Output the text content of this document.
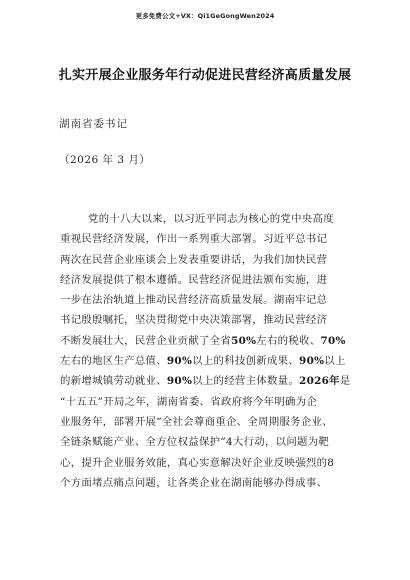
更多免费公文+VX：Qi1GeGongWen2024
扎实开展企业服务年行动促进民营经济高质量发展
湖南省委书记
（2026 年 3 月）
党的十八大以来，以习近平同志为核心的党中央高度
重视民营经济发展，作出一系列重大部署。习近平总书记
两次在民营企业座谈会上发表重要讲话，为我们加快民营
经济发展提供了根本遵循。民营经济促进法颁布实施，进
一步在法治轨道上推动民营经济高质量发展。湖南牢记总
书记殷殷嘱托，坚决贯彻党中央决策部署，推动民营经济
不断发展壮大，民营企业贡献了全省50%左右的税收、70%
左右的地区生产总值、90%以上的科技创新成果、90%以上
的新增城镇劳动就业、90%以上的经营主体数量。2026年是
“十五五”开局之年，湖南省委、省政府将今年明确为企
业服务年，部署开展“全社会尊商重企、全周期服务企业、
全链条赋能产业、全方位权益保护”4大行动，以问题为靶
心，提升企业服务效能，真心实意解决好企业反映强烈的8
个方面堵点痛点问题，让各类企业在湖南能够办得成事、
